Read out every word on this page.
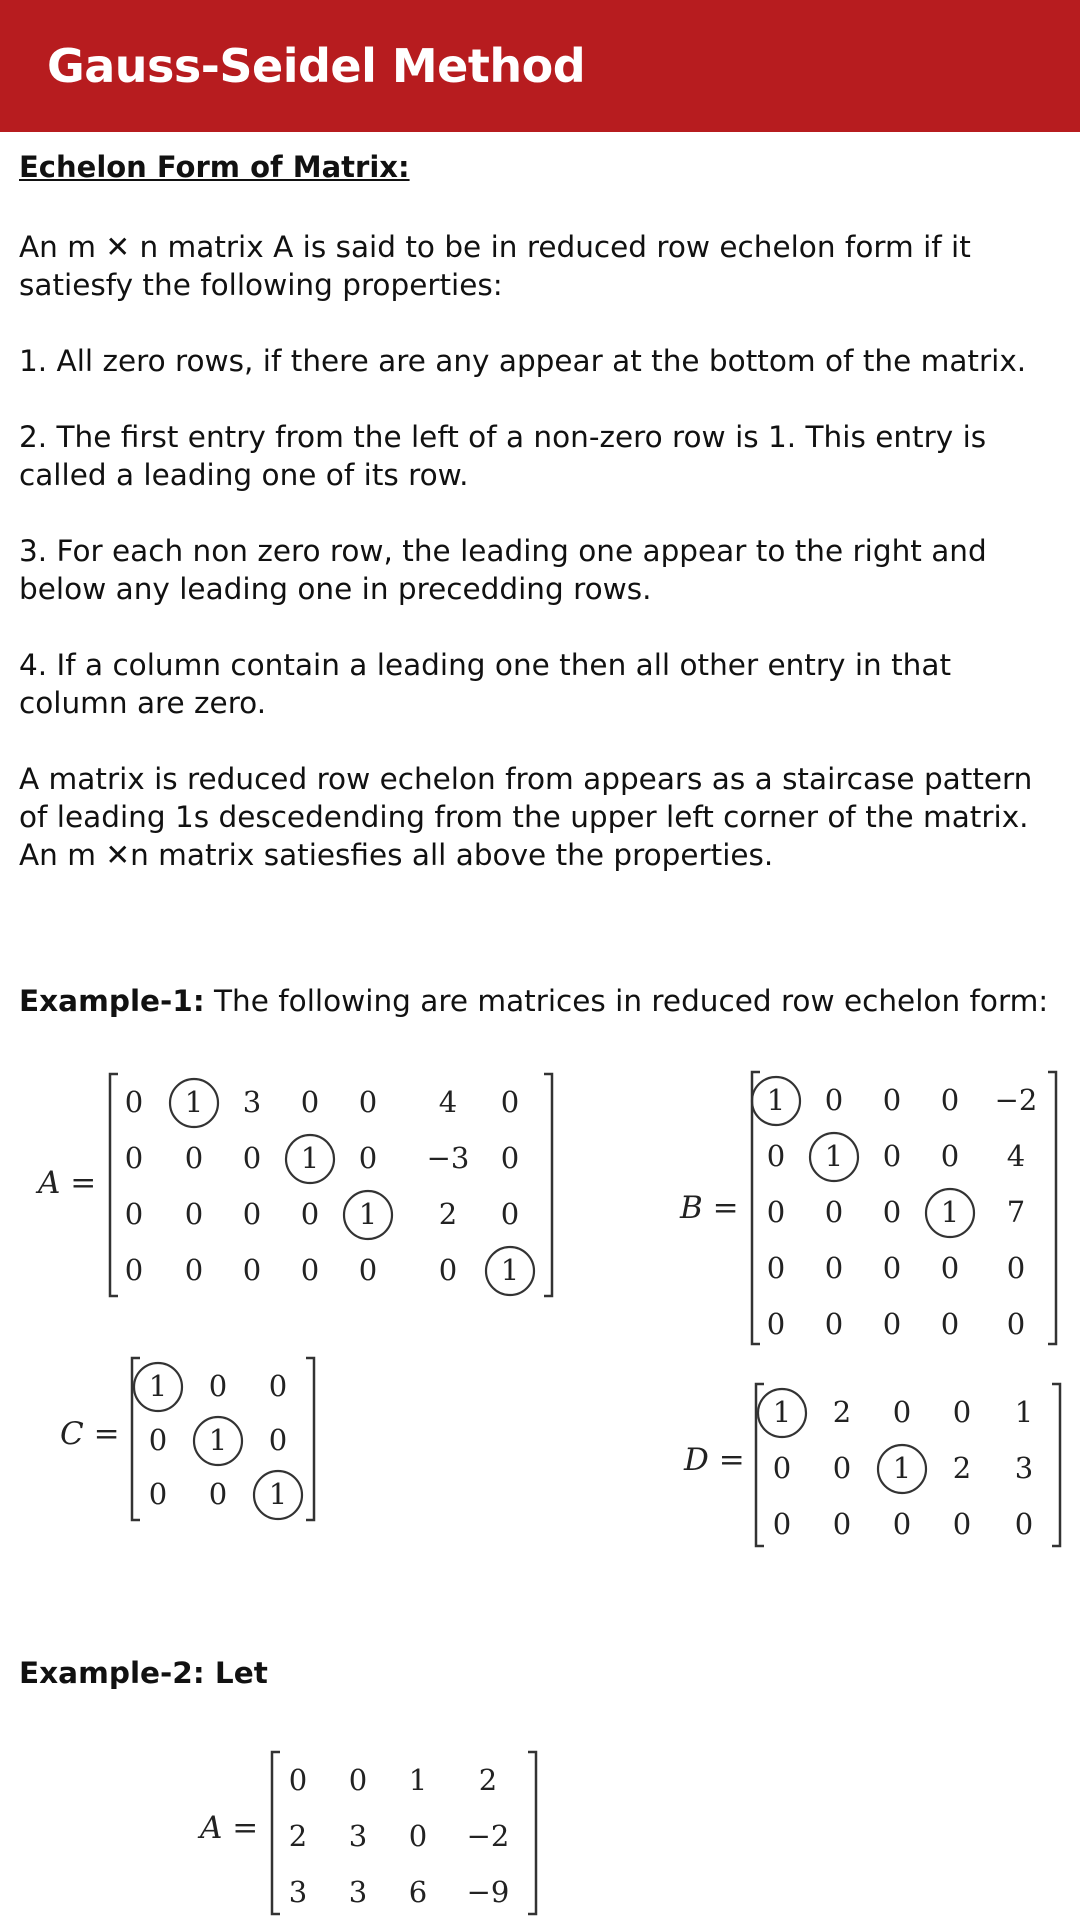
Gauss-Seidel Method
Echelon Form of Matrix:

An m ✕ n matrix A is said to be in reduced row echelon form if it satiesfy the following properties:

1. All zero rows, if there are any appear at the bottom of the matrix.

2. The first entry from the left of a non-zero row is 1. This entry is called a leading one of its row.

3. For each non zero row, the leading one appear to the right and below any leading one in precedding rows.

4. If a column contain a leading one then all other entry in that column are zero.

A matrix is reduced row echelon from appears as a staircase pattern of leading 1s descedending from the upper left corner of the matrix. An m ✕n matrix satiesfies all above the properties.

Example-1: The following are matrices in reduced row echelon form:
Example-2: Let
A =
0 1 3 0 0 4 0
0 0 0 1 0 −3 0
0 0 0 0 1 2 0
0 0 0 0 0 0 1
B =
1 0 0 0 −2
0 1 0 0 4
0 0 0 1 7
0 0 0 0 0
0 0 0 0 0
C =
1 0 0
0 1 0
0 0 1
D =
1 2 0 0 1
0 0 1 2 3
0 0 0 0 0
A =
0 0 1 2
2 3 0 −2
3 3 6 −9
